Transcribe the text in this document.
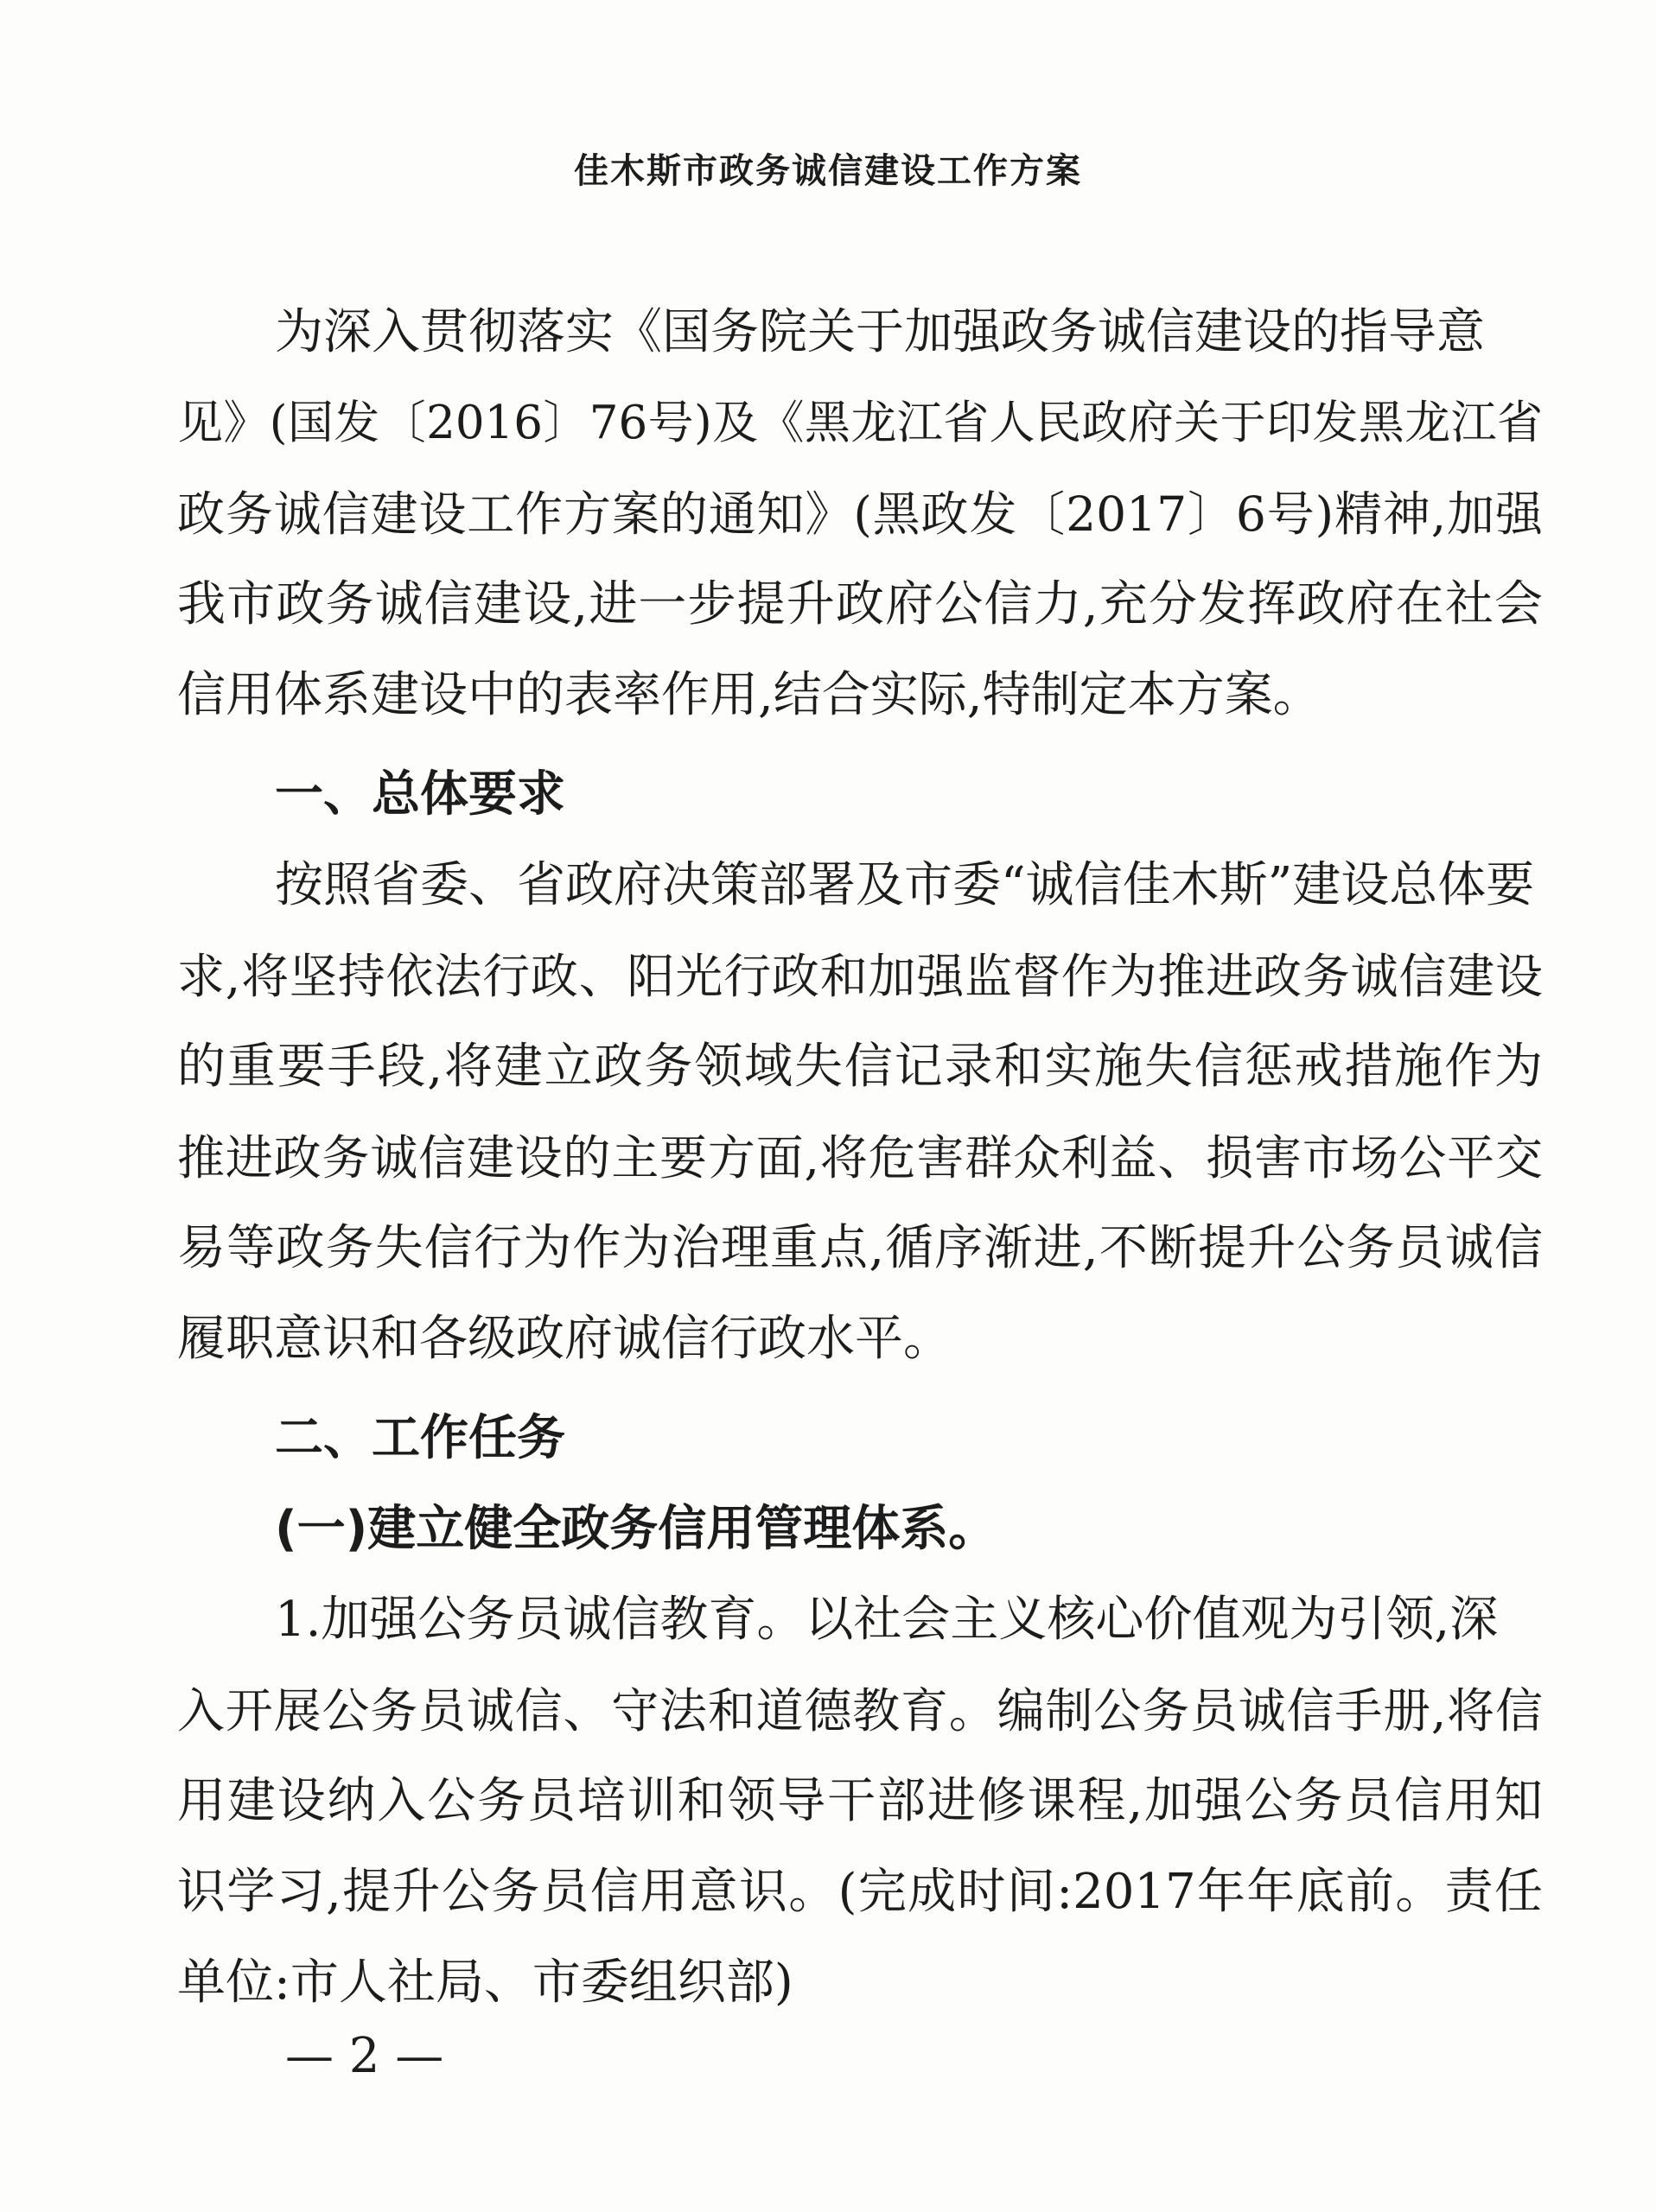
佳木斯市政务诚信建设工作方案
为深入贯彻落实《国务院关于加强政务诚信建设的指导意
见》(国发〔2016〕76号)及《黑龙江省人民政府关于印发黑龙江省
政务诚信建设工作方案的通知》(黑政发〔2017〕6号)精神,加强
我市政务诚信建设,进一步提升政府公信力,充分发挥政府在社会
信用体系建设中的表率作用,结合实际,特制定本方案。
一、总体要求
按照省委、省政府决策部署及市委“诚信佳木斯”建设总体要
求,将坚持依法行政、阳光行政和加强监督作为推进政务诚信建设
的重要手段,将建立政务领域失信记录和实施失信惩戒措施作为
推进政务诚信建设的主要方面,将危害群众利益、损害市场公平交
易等政务失信行为作为治理重点,循序渐进,不断提升公务员诚信
履职意识和各级政府诚信行政水平。
二、工作任务
(一)建立健全政务信用管理体系。
1.加强公务员诚信教育。以社会主义核心价值观为引领,深
入开展公务员诚信、守法和道德教育。编制公务员诚信手册,将信
用建设纳入公务员培训和领导干部进修课程,加强公务员信用知
识学习,提升公务员信用意识。(完成时间:2017年年底前。责任
单位:市人社局、市委组织部)
— 2 —
